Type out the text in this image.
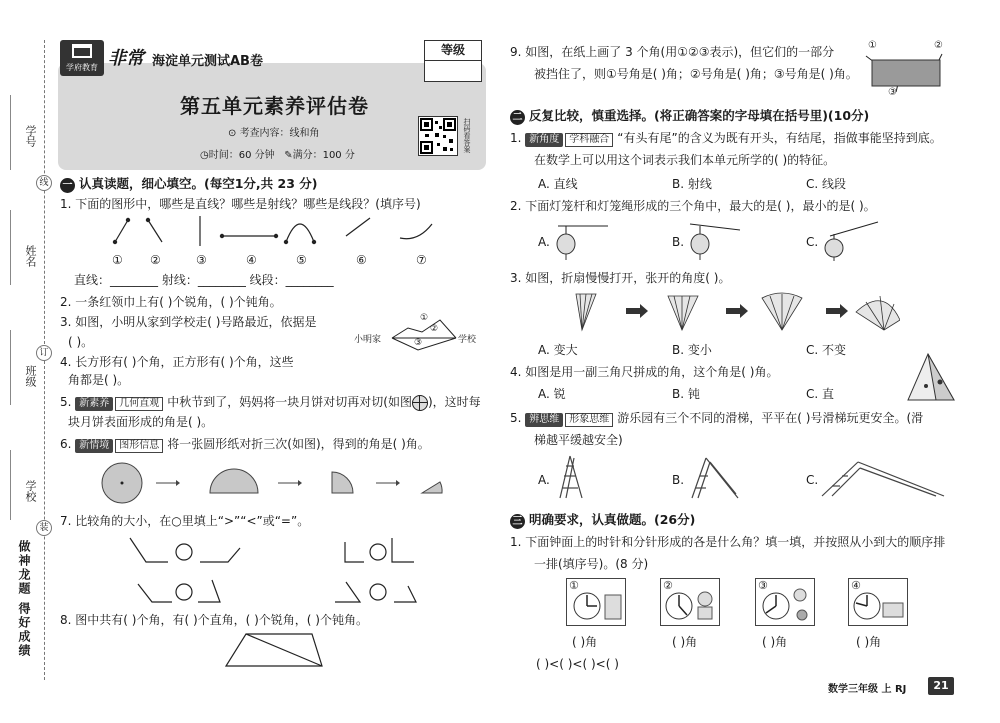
学号
姓名
班级
学校
线
订
装
做神龙题 得好成绩
学府教育 非常 海淀单元测试AB卷
等级
第五单元素养评估卷
⊙ 考查内容：线和角
◷时间：60 分钟 ✎满分：100 分
扫码看答案
一 认真读题，细心填空。(每空1分,共 23 分)
1. 下面的图形中，哪些是直线？哪些是射线？哪些是线段？(填序号)
① ②	③	④	⑤	⑥	⑦
直线：________ 射线：________ 线段：________
2. 一条红领巾上有( )个锐角，( )个钝角。
3. 如图，小明从家到学校走( )号路最近，依据是
( )。	小明家	学校
①
②
③
4. 长方形有( )个角，正方形有( )个角，这些
角都是( )。
5. 新素养 几何直观 中秋节到了，妈妈将一块月饼对切再对切(如图 )，这时每
块月饼表面形成的角是( )。
6. 新情境 图形信息 将一张圆形纸对折三次(如图)，得到的角是( )角。
7. 比较角的大小，在○里填上“>”“<”或“=”。
8. 图中共有( )个角，有( )个直角，( )个锐角，( )个钝角。
9. 如图，在纸上画了 3 个角(用①②③表示)，但它们的一部分
被挡住了，则①号角是( )角；②号角是( )角；③号角是( )角。
①	②
③
二 反复比较，慎重选择。(将正确答案的字母填在括号里)(10分)
1. 新角度 学科融合 “有头有尾”的含义为既有开头，有结尾，指做事能坚持到底。
在数学上可以用这个词表示我们本单元所学的( )的特征。
A. 直线	B. 射线	C. 线段
2. 下面灯笼杆和灯笼绳形成的三个角中，最大的是( )，最小的是( )。
A.	B.	C.
3. 如图，折扇慢慢打开，张开的角度( )。
A. 变大	B. 变小	C. 不变
4. 如图是用一副三角尺拼成的角，这个角是( )角。
A. 锐	B. 钝	C. 直
5. 辨思维 形象思维 游乐园有三个不同的滑梯，平平在( )号滑梯玩更安全。(滑
梯越平缓越安全)
A.	B.	C.
三 明确要求，认真做题。(26分)
1. 下面钟面上的时针和分针形成的各是什么角？填一填，并按照从小到大的顺序排
一排(填序号)。(8 分)
①	②	③	④
( )角	( )角	( )角	( )角
( )<( )<( )<( )
数学三年级 上 RJ	21
